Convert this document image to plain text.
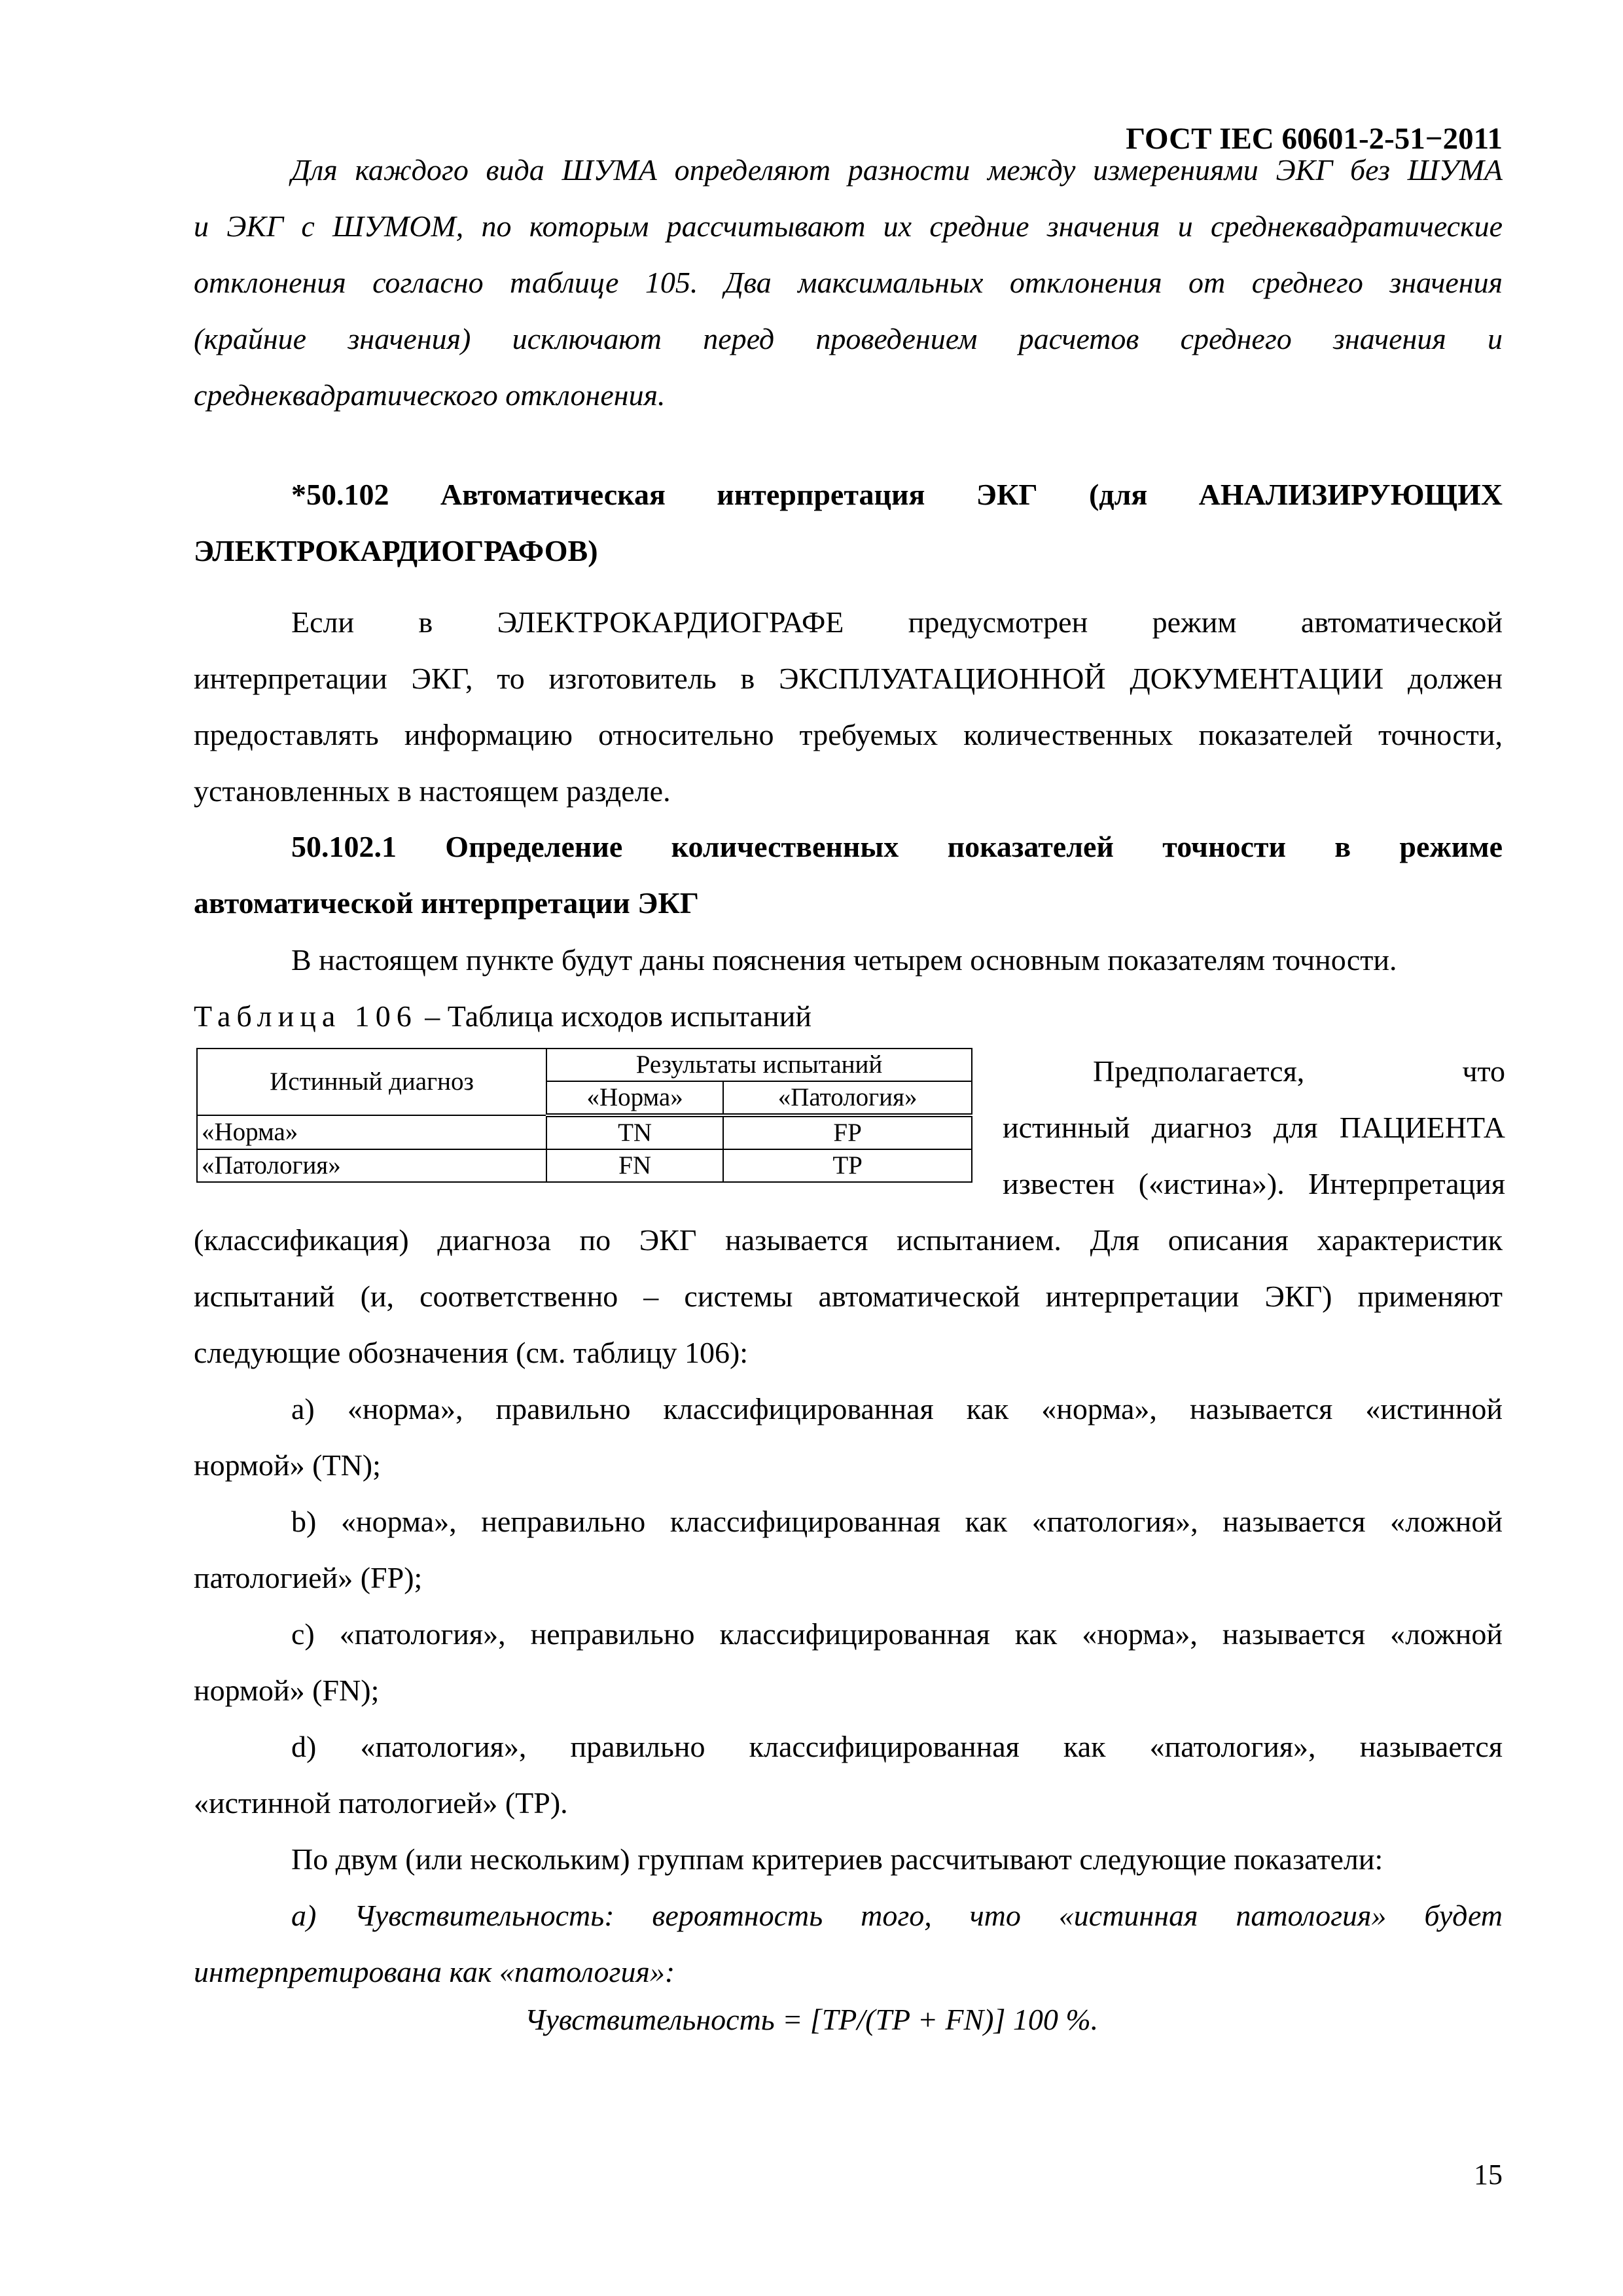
ГОСТ IEC 60601-2-51−2011
Для каждого вида ШУМА определяют разности между измерениями ЭКГ без ШУМА
и ЭКГ с ШУМОМ, по которым рассчитывают их средние значения и среднеквадратические
отклонения согласно таблице 105. Два максимальных отклонения от среднего значения
(крайние значения) исключают перед проведением расчетов среднего значения и
среднеквадратического отклонения.
*50.102 Автоматическая интерпретация ЭКГ (для АНАЛИЗИРУЮЩИХ
ЭЛЕКТРОКАРДИОГРАФОВ)
Если в ЭЛЕКТРОКАРДИОГРАФЕ предусмотрен режим автоматической
интерпретации ЭКГ, то изготовитель в ЭКСПЛУАТАЦИОННОЙ ДОКУМЕНТАЦИИ должен
предоставлять информацию относительно требуемых количественных показателей точности,
установленных в настоящем разделе.
50.102.1 Определение количественных показателей точности в режиме
автоматической интерпретации ЭКГ
В настоящем пункте будут даны пояснения четырем основным показателям точности.
Таблица 106 – Таблица исходов испытаний
Истинный диагноз	Результаты испытаний	
	«Норма»	«Патология»
«Норма»	TN	FP
«Патология»	FN	TP
Предполагается,	что
истинный диагноз для ПАЦИЕНТА
известен («истина»). Интерпретация
(классификация) диагноза по ЭКГ называется испытанием. Для описания характеристик
испытаний (и, соответственно – системы автоматической интерпретации ЭКГ) применяют
следующие обозначения (см. таблицу 106):
а) «норма», правильно классифицированная как «норма», называется «истинной
нормой» (TN);
b) «норма», неправильно классифицированная как «патология», называется «ложной
патологией» (FP);
с) «патология», неправильно классифицированная как «норма», называется «ложной
нормой» (FN);
d) «патология», правильно классифицированная как «патология», называется
«истинной патологией» (TP).
По двум (или нескольким) группам критериев рассчитывают следующие показатели:
а) Чувствительность: вероятность того, что «истинная патология» будет
интерпретирована как «патология»:
Чувствительность = [TP/(TP + FN)] 100 %.
15
